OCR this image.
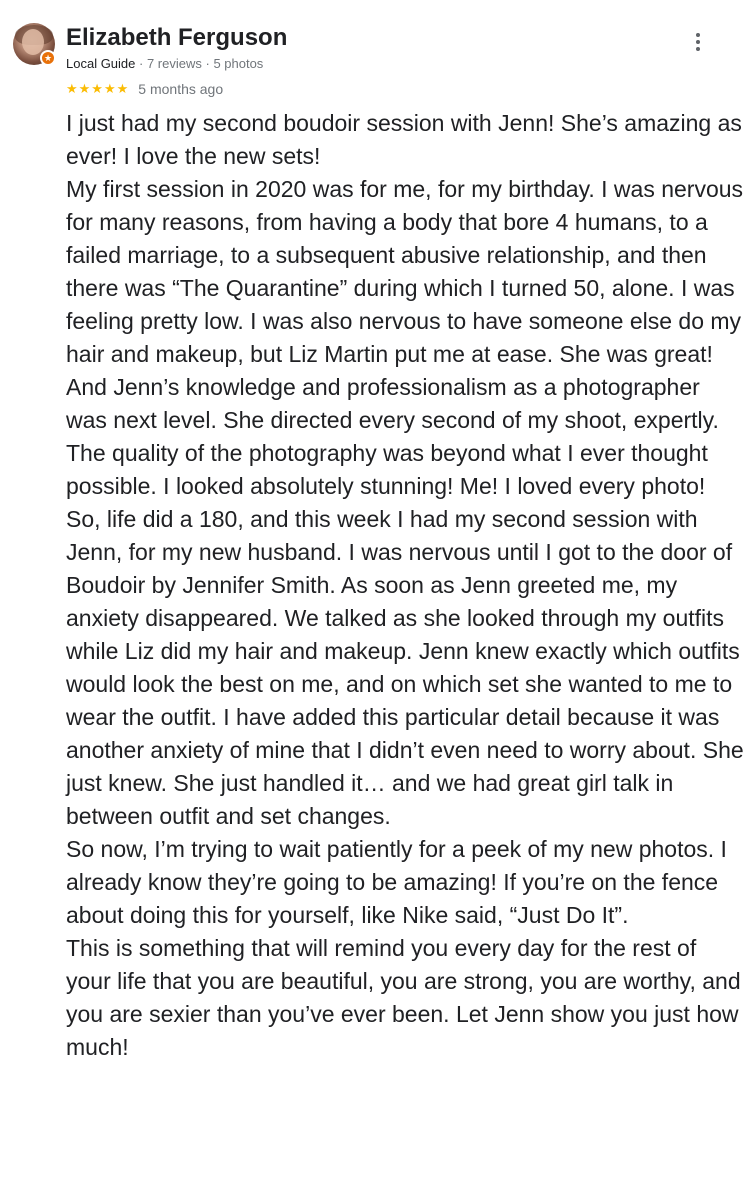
★
Elizabeth Ferguson
Local Guide · 7 reviews · 5 photos
★★★★★ 5 months ago

I just had my second boudoir session with Jenn! She’s amazing as ever! I love the new sets!

My first session in 2020 was for me, for my birthday. I was nervous for many reasons, from having a body that bore 4 humans, to a failed marriage, to a subsequent abusive relationship, and then there was “The Quarantine” during which I turned 50, alone. I was feeling pretty low. I was also nervous to have someone else do my hair and makeup, but Liz Martin put me at ease. She was great! And Jenn’s knowledge and professionalism as a photographer was next level. She directed every second of my shoot, expertly. The quality of the photography was beyond what I ever thought possible. I looked absolutely stunning! Me! I loved every photo!

So, life did a 180, and this week I had my second session with Jenn, for my new husband. I was nervous until I got to the door of Boudoir by Jennifer Smith. As soon as Jenn greeted me, my anxiety disappeared. We talked as she looked through my outfits while Liz did my hair and makeup. Jenn knew exactly which outfits would look the best on me, and on which set she wanted to me to wear the outfit. I have added this particular detail because it was another anxiety of mine that I didn’t even need to worry about. She just knew. She just handled it… and we had great girl talk in between outfit and set changes.

So now, I’m trying to wait patiently for a peek of my new photos. I already know they’re going to be amazing! If you’re on the fence about doing this for yourself, like Nike said, “Just Do It”.

This is something that will remind you every day for the rest of your life that you are beautiful, you are strong, you are worthy, and you are sexier than you’ve ever been. Let Jenn show you just how much!
